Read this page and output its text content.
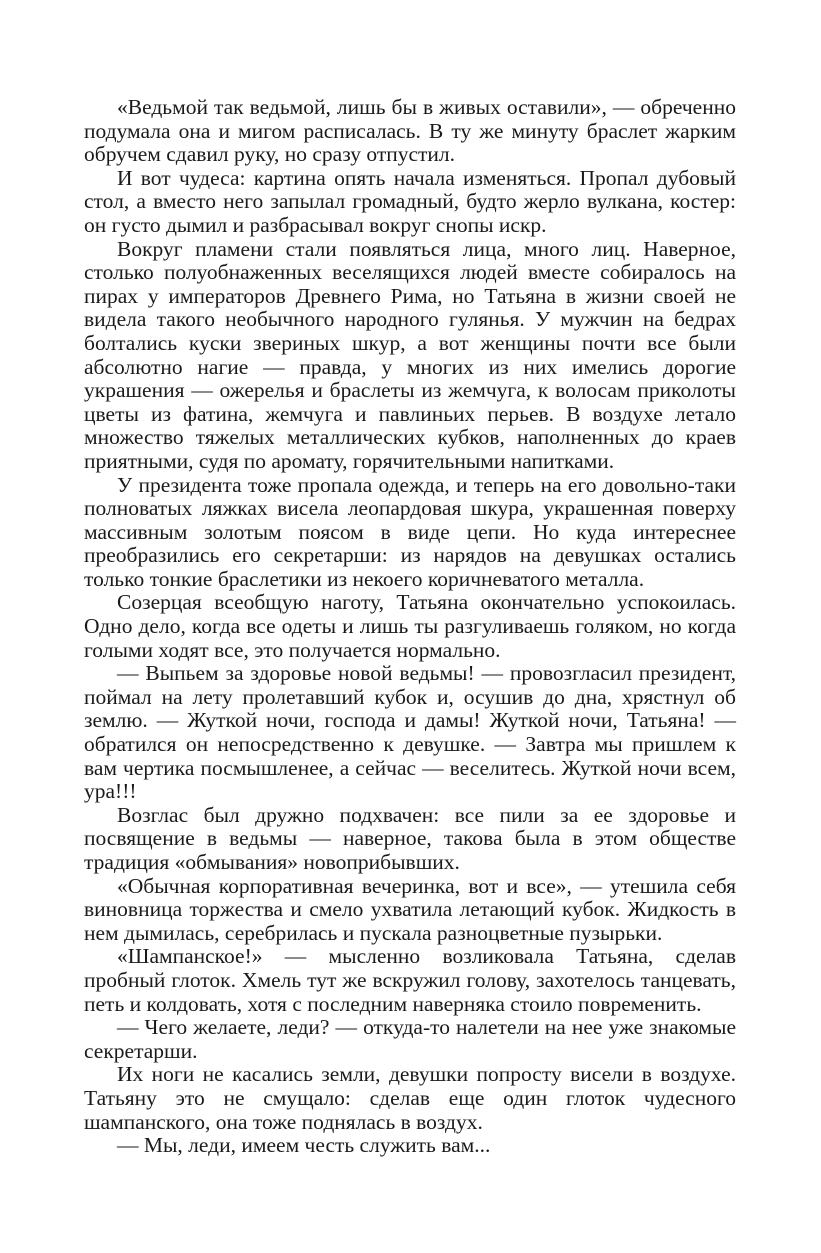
«Ведьмой так ведьмой, лишь бы в живых оставили», — обреченно подумала она и мигом расписалась. В ту же минуту браслет жарким обручем сдавил руку, но сразу отпустил.

И вот чудеса: картина опять начала изменяться. Пропал дубовый стол, а вместо него запылал громадный, будто жерло вулкана, костер: он густо дымил и разбрасывал вокруг снопы искр.

Вокруг пламени стали появляться лица, много лиц. Наверное, столько полуобнаженных веселящихся людей вместе собиралось на пирах у императоров Древнего Рима, но Татьяна в жизни своей не видела такого необычного народного гулянья. У мужчин на бедрах болтались куски звериных шкур, а вот женщины почти все были абсолютно нагие — правда, у многих из них имелись дорогие украшения — ожерелья и браслеты из жемчуга, к волосам приколоты цветы из фатина, жемчуга и павлиньих перьев. В воздухе летало множество тяжелых металлических кубков, наполненных до краев приятными, судя по аромату, горячительными напитками.

У президента тоже пропала одежда, и теперь на его довольно-таки полноватых ляжках висела леопардовая шкура, украшенная поверху массивным золотым поясом в виде цепи. Но куда интереснее преобразились его секретарши: из нарядов на девушках остались только тонкие браслетики из некоего коричневатого металла.

Созерцая всеобщую наготу, Татьяна окончательно успокоилась. Одно дело, когда все одеты и лишь ты разгуливаешь голяком, но когда голыми ходят все, это получается нормально.

— Выпьем за здоровье новой ведьмы! — провозгласил президент, поймал на лету пролетавший кубок и, осушив до дна, хрястнул об землю. — Жуткой ночи, господа и дамы! Жуткой ночи, Татьяна! — обратился он непосредственно к девушке. — Завтра мы пришлем к вам чертика посмышленее, а сейчас — веселитесь. Жуткой ночи всем, ура!!!

Возглас был дружно подхвачен: все пили за ее здоровье и посвящение в ведьмы — наверное, такова была в этом обществе традиция «обмывания» новоприбывших.

«Обычная корпоративная вечеринка, вот и все», — утешила себя виновница торжества и смело ухватила летающий кубок. Жидкость в нем дымилась, серебрилась и пускала разноцветные пузырьки.

«Шампанское!» — мысленно возликовала Татьяна, сделав пробный глоток. Хмель тут же вскружил голову, захотелось танцевать, петь и колдовать, хотя с последним наверняка стоило повременить.

— Чего желаете, леди? — откуда-то налетели на нее уже знакомые секретарши.

Их ноги не касались земли, девушки попросту висели в воздухе. Татьяну это не смущало: сделав еще один глоток чудесного шампанского, она тоже поднялась в воздух.

— Мы, леди, имеем честь служить вам...
